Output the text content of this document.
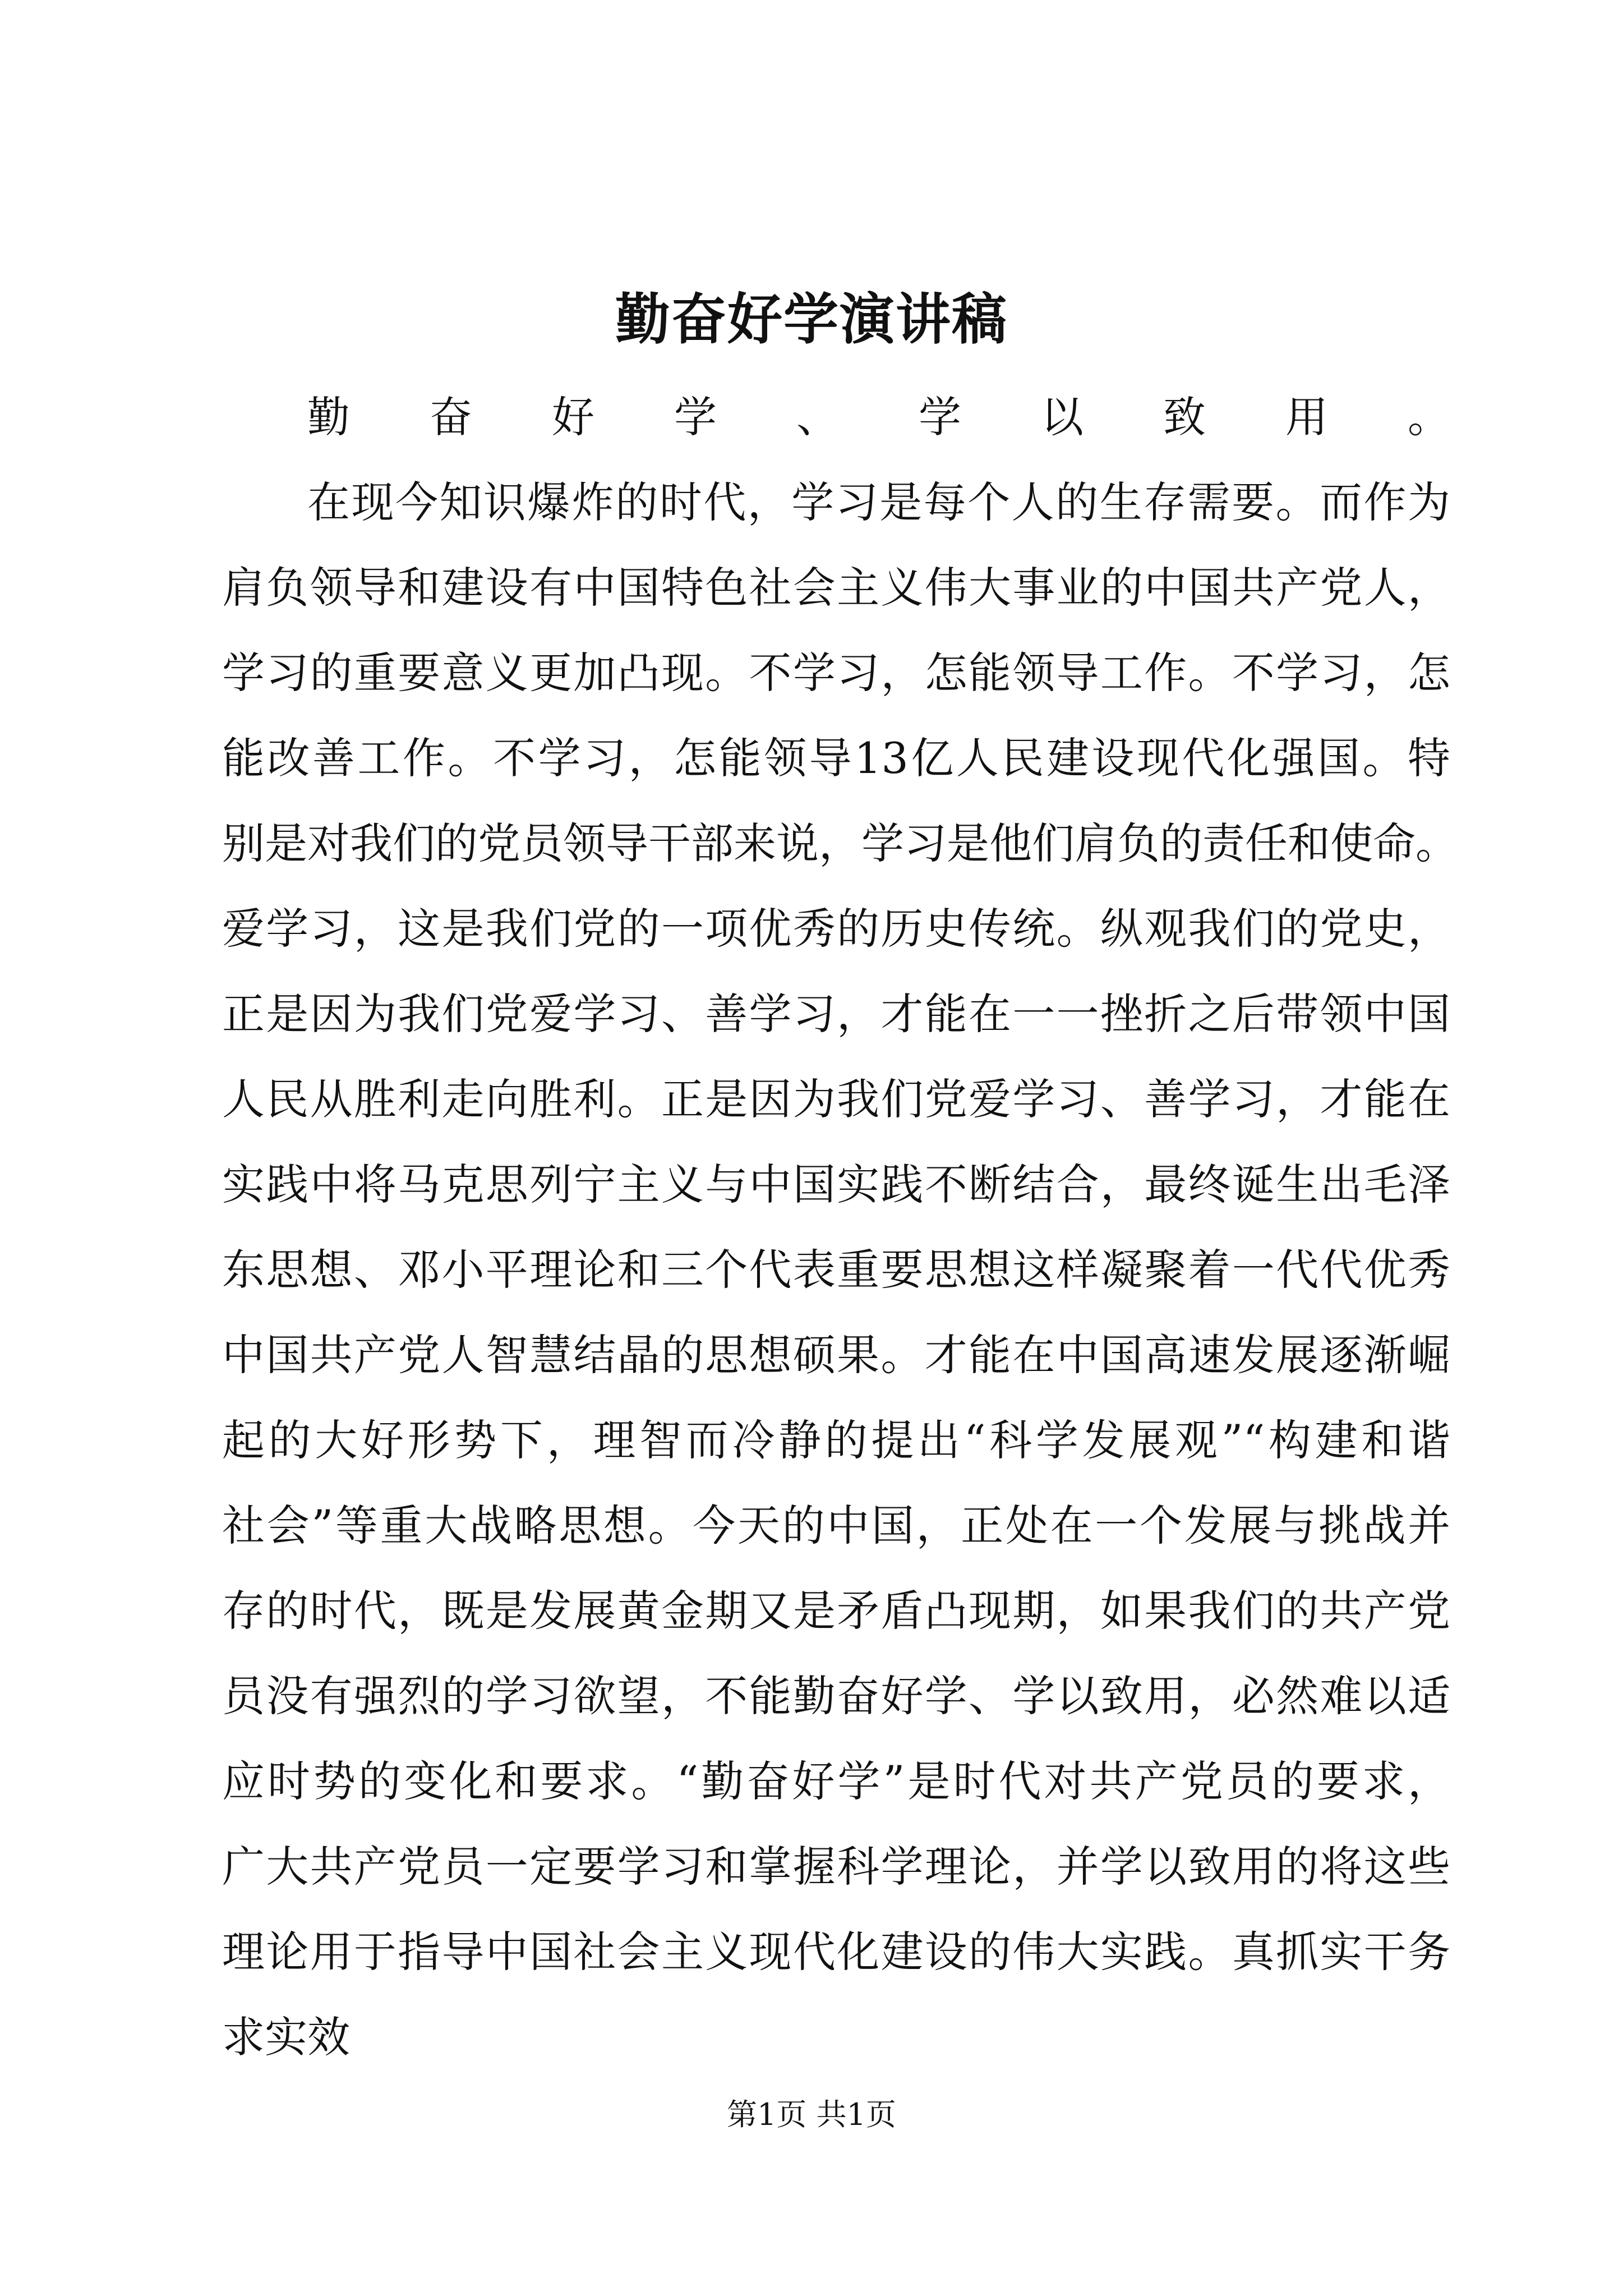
勤奋好学演讲稿
勤奋好学、学以致用。
在现今知识爆炸的时代，学习是每个人的生存需要。而作为
肩负领导和建设有中国特色社会主义伟大事业的中国共产党人，
学习的重要意义更加凸现。不学习，怎能领导工作。不学习，怎
能改善工作。不学习，怎能领导13亿人民建设现代化强国。特
别是对我们的党员领导干部来说，学习是他们肩负的责任和使命。
爱学习，这是我们党的一项优秀的历史传统。纵观我们的党史，
正是因为我们党爱学习、善学习，才能在一一挫折之后带领中国
人民从胜利走向胜利。正是因为我们党爱学习、善学习，才能在
实践中将马克思列宁主义与中国实践不断结合，最终诞生出毛泽
东思想、邓小平理论和三个代表重要思想这样凝聚着一代代优秀
中国共产党人智慧结晶的思想硕果。才能在中国高速发展逐渐崛
起的大好形势下，理智而冷静的提出“科学发展观”“构建和谐
社会”等重大战略思想。今天的中国，正处在一个发展与挑战并
存的时代，既是发展黄金期又是矛盾凸现期，如果我们的共产党
员没有强烈的学习欲望，不能勤奋好学、学以致用，必然难以适
应时势的变化和要求。“勤奋好学”是时代对共产党员的要求，
广大共产党员一定要学习和掌握科学理论，并学以致用的将这些
理论用于指导中国社会主义现代化建设的伟大实践。真抓实干务
求实效
第1页 共1页
